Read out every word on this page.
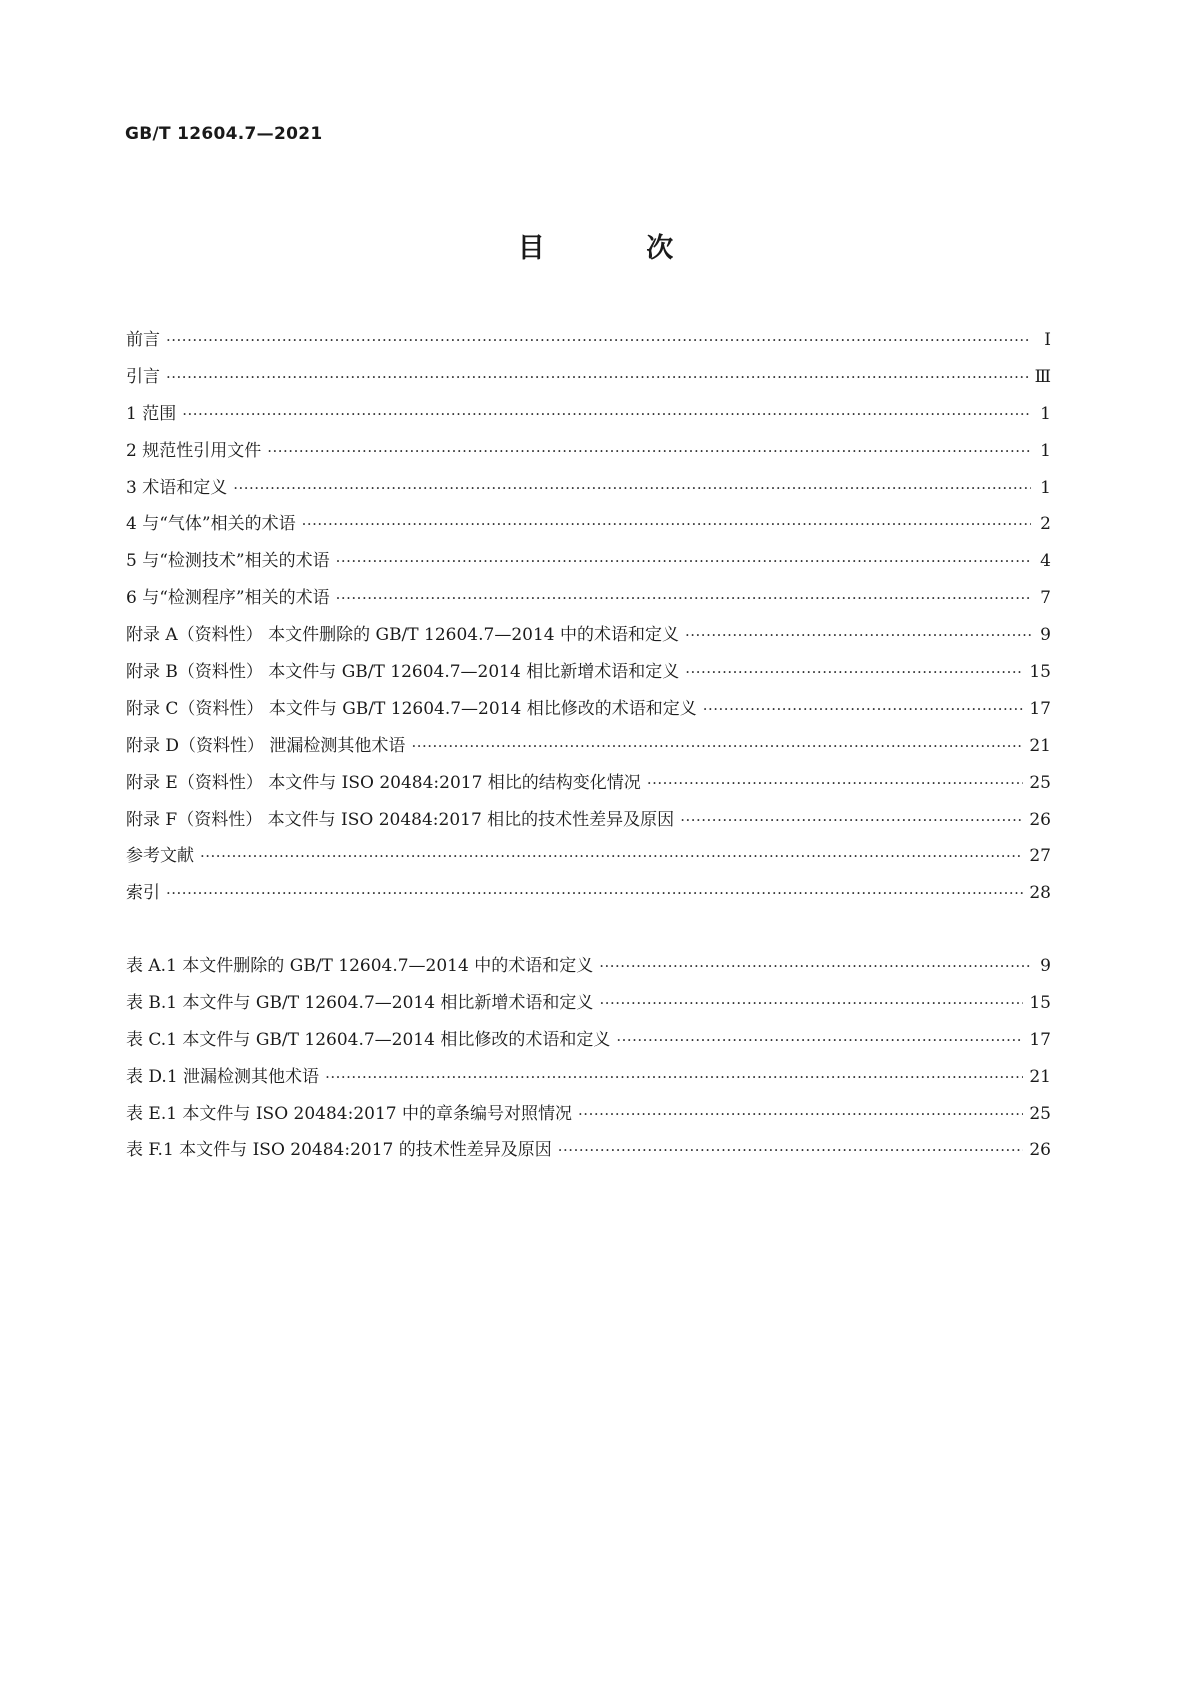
GB/T 12604.7—2021
目 次
前言 ·····	Ⅰ
引言 ·····	Ⅲ
1 范围 ·····	1
2 规范性引用文件 ·····	1
3 术语和定义 ·····	1
4 与“气体”相关的术语 ·····	2
5 与“检测技术”相关的术语 ·····	4
6 与“检测程序”相关的术语 ·····	7
附录 A（资料性） 本文件删除的 GB/T 12604.7—2014 中的术语和定义 ·····	9
附录 B（资料性） 本文件与 GB/T 12604.7—2014 相比新增术语和定义 ·····	15
附录 C（资料性） 本文件与 GB/T 12604.7—2014 相比修改的术语和定义 ·····	17
附录 D（资料性） 泄漏检测其他术语 ·····	21
附录 E（资料性） 本文件与 ISO 20484:2017 相比的结构变化情况 ·····	25
附录 F（资料性） 本文件与 ISO 20484:2017 相比的技术性差异及原因 ·····	26
参考文献 ·····	27
索引 ·····	28
表 A.1 本文件删除的 GB/T 12604.7—2014 中的术语和定义 ·····	9
表 B.1 本文件与 GB/T 12604.7—2014 相比新增术语和定义 ·····	15
表 C.1 本文件与 GB/T 12604.7—2014 相比修改的术语和定义 ·····	17
表 D.1 泄漏检测其他术语 ·····	21
表 E.1 本文件与 ISO 20484:2017 中的章条编号对照情况 ·····	25
表 F.1 本文件与 ISO 20484:2017 的技术性差异及原因 ·····	26
